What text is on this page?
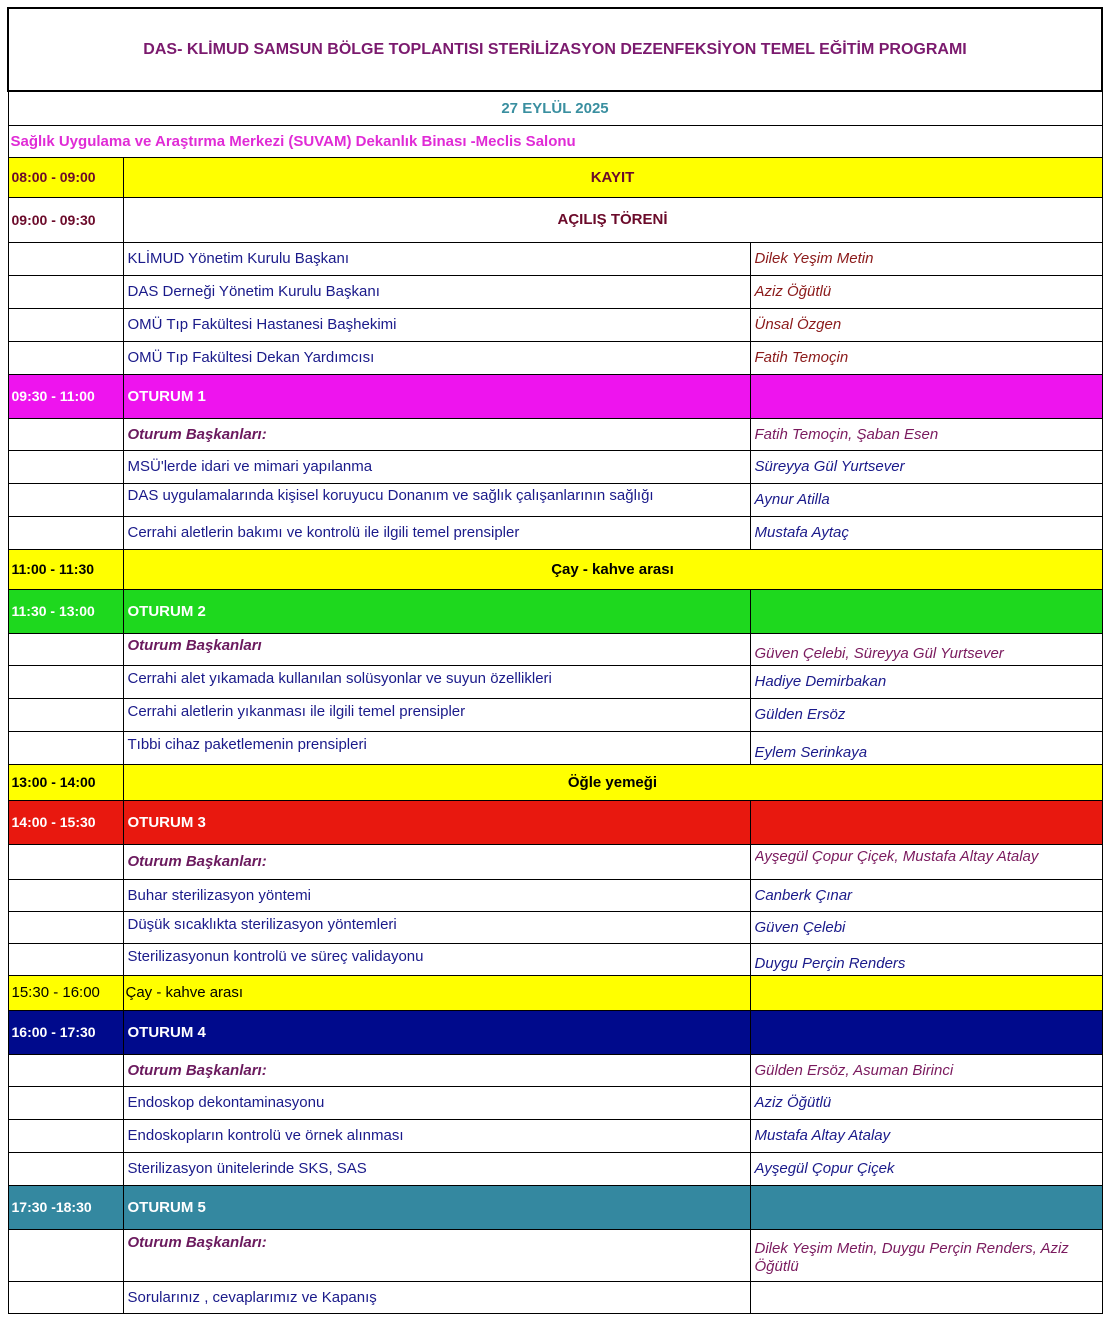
DAS- KLİMUD SAMSUN BÖLGE TOPLANTISI STERİLİZASYON DEZENFEKSİYON TEMEL EĞİTİM PROGRAMI		
27 EYLÜL 2025		
Sağlık Uygulama ve Araştırma Merkezi (SUVAM) Dekanlık Binası -Meclis Salonu		
08:00 - 09:00	KAYIT	
09:00 - 09:30	AÇILIŞ TÖRENİ	
	KLİMUD Yönetim Kurulu Başkanı	Dilek Yeşim Metin
	DAS Derneği Yönetim Kurulu Başkanı	Aziz Öğütlü
	OMÜ Tıp Fakültesi Hastanesi Başhekimi	Ünsal Özgen
	OMÜ Tıp Fakültesi Dekan Yardımcısı	Fatih Temoçin
09:30 - 11:00	OTURUM 1	
	Oturum Başkanları:	Fatih Temoçin, Şaban Esen
	MSÜ'lerde idari ve mimari yapılanma	Süreyya Gül Yurtsever

	DAS uygulamalarında kişisel koruyucu Donanım ve sağlık çalışanlarının sağlığı	Aynur Atilla
	Cerrahi aletlerin bakımı ve kontrolü ile ilgili temel prensipler	Mustafa Aytaç
11:00 - 11:30	Çay - kahve arası	
11:30 - 13:00	OTURUM 2	
	Oturum Başkanları	Güven Çelebi, Süreyya Gül Yurtsever
	Cerrahi alet yıkamada kullanılan solüsyonlar ve suyun özellikleri	Hadiye Demirbakan
	Cerrahi aletlerin yıkanması ile ilgili temel prensipler	Gülden Ersöz
	Tıbbi cihaz paketlemenin prensipleri	Eylem Serinkaya
13:00 - 14:00	Öğle yemeği	
14:00 - 15:30	OTURUM 3	
	Oturum Başkanları:	Ayşegül Çopur Çiçek, Mustafa Altay Atalay

	Buhar sterilizasyon yöntemi	Canberk Çınar
	Düşük sıcaklıkta sterilizasyon yöntemleri	Güven Çelebi
	Sterilizasyonun kontrolü ve süreç validayonu	Duygu Perçin Renders
15:30 - 16:00	Çay - kahve arası	
16:00 - 17:30	OTURUM 4	
	Oturum Başkanları:	Gülden Ersöz, Asuman Birinci
	Endoskop dekontaminasyonu	Aziz Öğütlü
	Endoskopların kontrolü ve örnek alınması	Mustafa Altay Atalay
	Sterilizasyon ünitelerinde SKS, SAS	Ayşegül Çopur Çiçek
17:30 -18:30	OTURUM 5	
	Oturum Başkanları:	Dilek Yeşim Metin, Duygu Perçin Renders, Aziz Öğütlü
	Sorularınız , cevaplarımız ve Kapanış	
